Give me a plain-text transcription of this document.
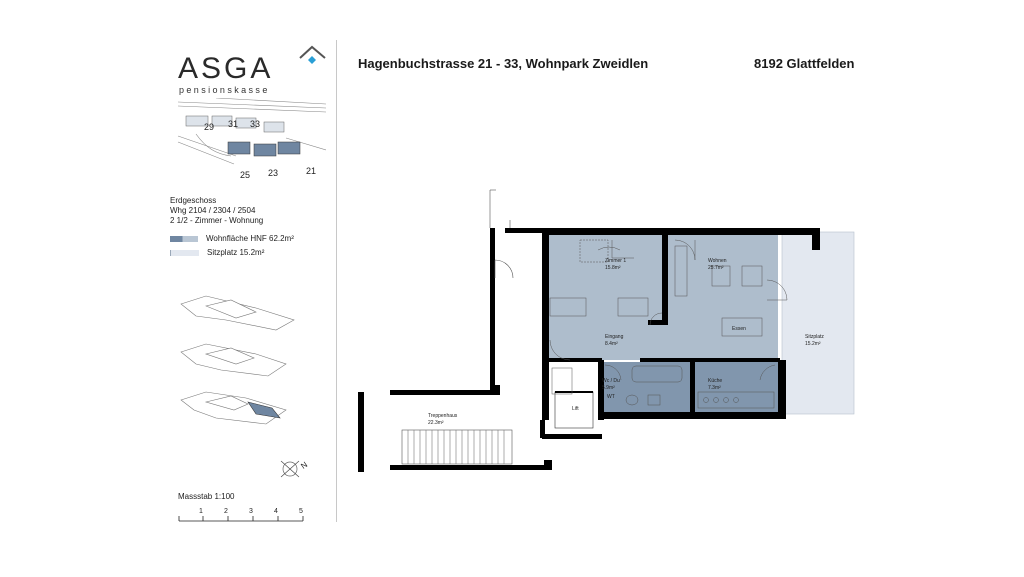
ASGA
pensionskasse
29 31 33
25 23	21
Erdgeschoss
Whg 2104 / 2304 / 2504
2 1/2 - Zimmer - Wohnung
Wohnfläche HNF 62.2m²
Sitzplatz 15.2m²
N
Massstab 1:100
1	2	3	4	5
Hagenbuchstrasse 21 - 33, Wohnpark Zweidlen	8192 Glattfelden
Zimmer 1
15.8m²
Wohnen
25.7m²
Essen
Eingang
8.4m²
Wc / Du
5.9m²
WT
Küche
7.3m²
Sitzplatz
15.2m²
Lift
Treppenhaus
22.3m²
